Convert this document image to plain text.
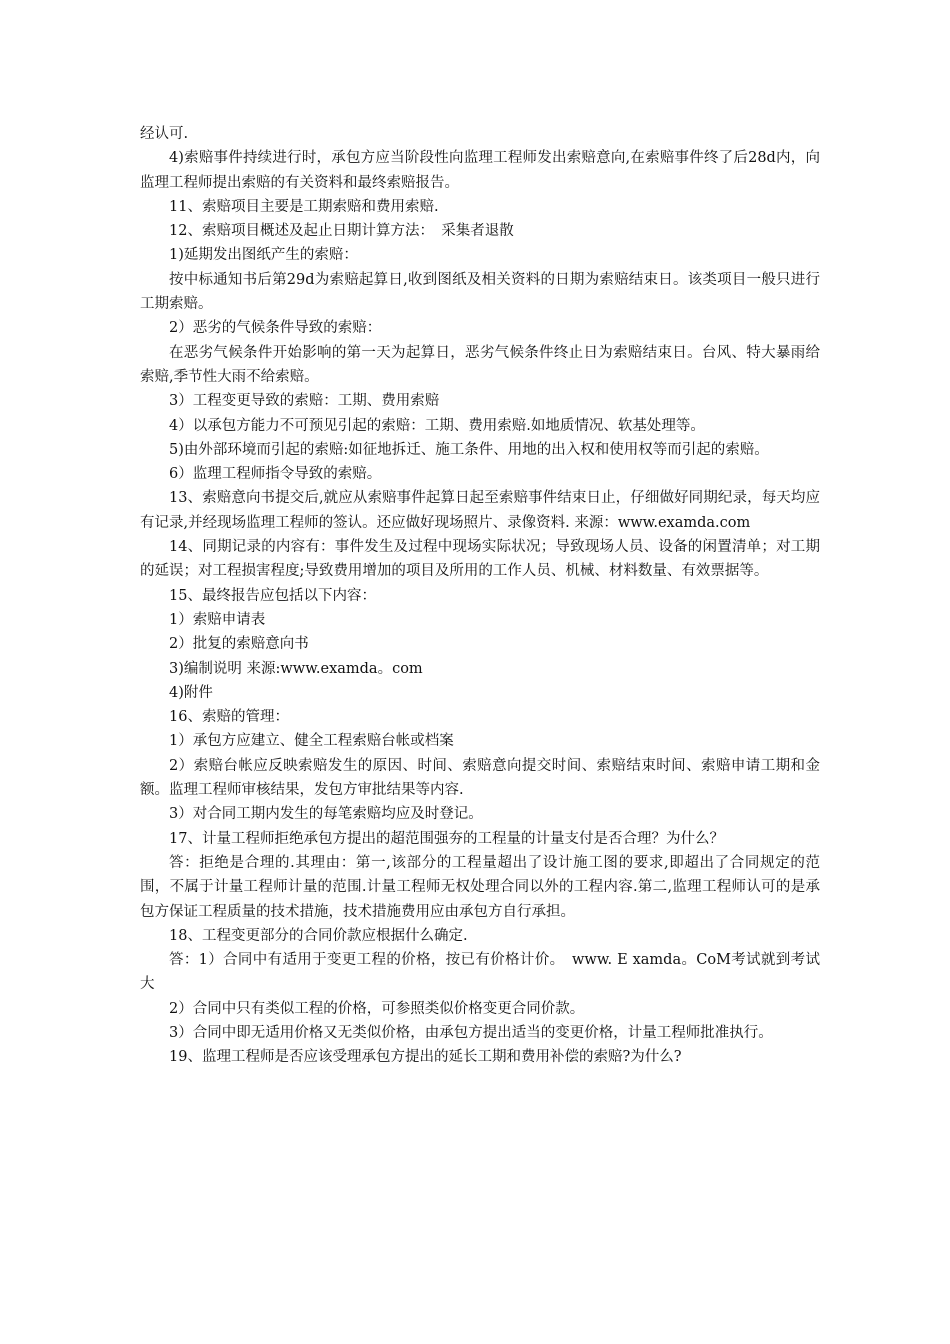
经认可.

4)索赔事件持续进行时，承包方应当阶段性向监理工程师发出索赔意向,在索赔事件终了后28d内，向监理工程师提出索赔的有关资料和最终索赔报告。

11、索赔项目主要是工期索赔和费用索赔.

12、索赔项目概述及起止日期计算方法：　采集者退散

1)延期发出图纸产生的索赔：

按中标通知书后第29d为索赔起算日,收到图纸及相关资料的日期为索赔结束日。该类项目一般只进行工期索赔。

2）恶劣的气候条件导致的索赔：

在恶劣气候条件开始影响的第一天为起算日，恶劣气候条件终止日为索赔结束日。台风、特大暴雨给索赔,季节性大雨不给索赔。

3）工程变更导致的索赔：工期、费用索赔

4）以承包方能力不可预见引起的索赔：工期、费用索赔.如地质情况、软基处理等。

5)由外部环境而引起的索赔:如征地拆迁、施工条件、用地的出入权和使用权等而引起的索赔。

6）监理工程师指令导致的索赔。

13、索赔意向书提交后,就应从索赔事件起算日起至索赔事件结束日止，仔细做好同期纪录，每天均应有记录,并经现场监理工程师的签认。还应做好现场照片、录像资料. 来源：www.examda.com

14、同期记录的内容有：事件发生及过程中现场实际状况；导致现场人员、设备的闲置清单；对工期的延误；对工程损害程度;导致费用增加的项目及所用的工作人员、机械、材料数量、有效票据等。

15、最终报告应包括以下内容：

1）索赔申请表

2）批复的索赔意向书

3)编制说明 来源:www.examda。com

4)附件

16、索赔的管理：

1）承包方应建立、健全工程索赔台帐或档案

2）索赔台帐应反映索赔发生的原因、时间、索赔意向提交时间、索赔结束时间、索赔申请工期和金额。监理工程师审核结果，发包方审批结果等内容.

3）对合同工期内发生的每笔索赔均应及时登记。

17、计量工程师拒绝承包方提出的超范围强夯的工程量的计量支付是否合理？为什么？

答：拒绝是合理的.其理由：第一,该部分的工程量超出了设计施工图的要求,即超出了合同规定的范围，不属于计量工程师计量的范围.计量工程师无权处理合同以外的工程内容.第二,监理工程师认可的是承包方保证工程质量的技术措施，技术措施费用应由承包方自行承担。

18、工程变更部分的合同价款应根据什么确定.

答：1）合同中有适用于变更工程的价格，按已有价格计价。　www. E xamda。CoM考试就到考试大

2）合同中只有类似工程的价格，可参照类似价格变更合同价款。

3）合同中即无适用价格又无类似价格，由承包方提出适当的变更价格，计量工程师批准执行。

19、监理工程师是否应该受理承包方提出的延长工期和费用补偿的索赔?为什么?
